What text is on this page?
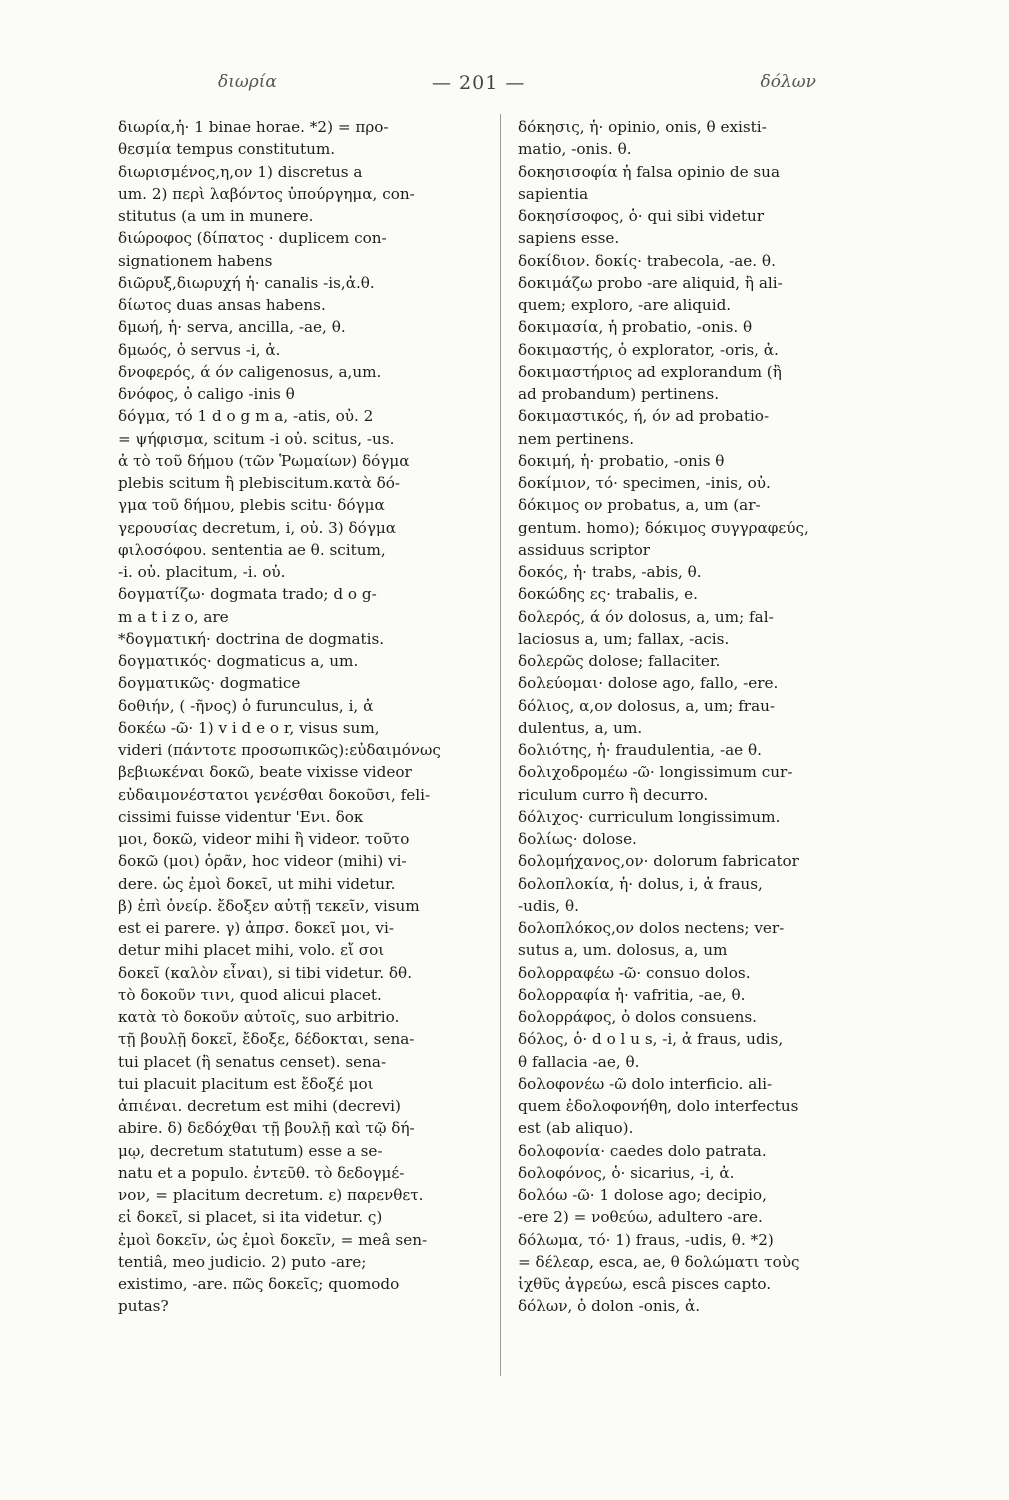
διωρία	— 201 —	δόλων
διωρία,ἡ· 1 binae horae. *2) = προ-
θεσμία tempus constitutum.
διωρισμένος,η,ον 1) discretus a
um. 2) περὶ λαβόντος ὑπούργημα, con-
stitutus (a um in munere.
διώροφος (δίπατος · duplicem con-
signationem habens
διῶρυξ,διωρυχή ἡ· canalis -is,ἀ.θ.
δίωτος duas ansas habens.
δμωή, ἡ· serva, ancilla, -ae, θ.
δμωός, ὁ servus -i, ἀ.
δνοφερός, ά όν caligenosus, a,um.
δνόφος, ὁ caligo -inis θ
δόγμα, τό 1 d o g m a, -atis, οὐ. 2
= ψήφισμα, scitum -i οὐ. scitus, -us.
ἀ τὸ τοῦ δήμου (τῶν Ῥωμαίων) δόγμα
plebis scitum ἢ plebiscitum.κατὰ δό-
γμα τοῦ δήμου, plebis scitu· δόγμα
γερουσίας decretum, i, οὐ. 3) δόγμα
φιλοσόφου. sententia ae θ. scitum,
-i. οὐ. placitum, -i. οὐ.
δογματίζω· dogmata trado; d o g-
m a t i z o, are
*δογματική· doctrina de dogmatis.
δογματικός· dogmaticus a, um.
δογματικῶς· dogmatice
δοθιήν, ( -ῆνος) ὁ furunculus, i, ἀ
δοκέω -ῶ· 1) v i d e o r, visus sum,
videri (πάντοτε προσωπικῶς):εὐδαιμόνως
βεβιωκέναι δοκῶ, beate vixisse videor
εὐδαιμονέστατοι γενέσθαι δοκοῦσι, feli-
cissimi fuisse videntur 'Ενι. δοκ
μοι, δοκῶ, videor mihi ἢ videor. τοῦτο
δοκῶ (μοι) ὁρᾶν, hoc videor (mihi) vi-
dere. ὡς ἐμοὶ δοκεῖ, ut mihi videtur.
β) ἐπὶ ὀνείρ. ἔδοξεν αὐτῇ τεκεῖν, visum
est ei parere. γ) ἀπρσ. δοκεῖ μοι, vi-
detur mihi placet mihi, volo. εἴ σοι
δοκεῖ (καλὸν εἶναι), si tibi videtur. δθ.
τὸ δοκοῦν τινι, quod alicui placet.
κατὰ τὸ δοκοῦν αὐτοῖς, suo arbitrio.
τῇ βουλῇ δοκεῖ, ἔδοξε, δέδοκται, sena-
tui placet (ἢ senatus censet). sena-
tui placuit placitum est ἔδοξέ μοι
ἀπιέναι. decretum est mihi (decrevi)
abire. δ) δεδόχθαι τῇ βουλῇ καὶ τῷ δή-
μῳ, decretum statutum) esse a se-
natu et a populo. ἐντεῦθ. τὸ δεδογμέ-
νον, = placitum decretum. ε) παρενθετ.
εἰ δοκεῖ, si placet, si ita videtur. ς)
ἐμοὶ δοκεῖν, ὡς ἐμοὶ δοκεῖν, = meâ sen-
tentiâ, meo judicio. 2) puto -are;
existimo, -are. πῶς δοκεῖς; quomodo
putas?
δόκησις, ἡ· opinio, onis, θ existi-
matio, -onis. θ.
δοκησισοφία ἡ falsa opinio de sua
sapientia
δοκησίσοφος, ὁ· qui sibi videtur
sapiens esse.
δοκίδιον. δοκίς· trabecola, -ae. θ.
δοκιμάζω probo -are aliquid, ἢ ali-
quem; exploro, -are aliquid.
δοκιμασία, ἡ probatio, -onis. θ
δοκιμαστής, ὁ explorator, -oris, ἀ.
δοκιμαστήριος ad explorandum (ἢ
ad probandum) pertinens.
δοκιμαστικός, ή, όν ad probatio-
nem pertinens.
δοκιμή, ἡ· probatio, -onis θ
δοκίμιον, τό· specimen, -inis, οὐ.
δόκιμος ον probatus, a, um (ar-
gentum. homo); δόκιμος συγγραφεύς,
assiduus scriptor
δοκός, ἡ· trabs, -abis, θ.
δοκώδης ες· trabalis, e.
δολερός, ά όν dolosus, a, um; fal-
laciosus a, um; fallax, -acis.
δολερῶς dolose; fallaciter.
δολεύομαι· dolose ago, fallo, -ere.
δόλιος, α,ον dolosus, a, um; frau-
dulentus, a, um.
δολιότης, ἡ· fraudulentia, -ae θ.
δολιχοδρομέω -ῶ· longissimum cur-
riculum curro ἢ decurro.
δόλιχος· curriculum longissimum.
δολίως· dolose.
δολομήχανος,ον· dolorum fabricator
δολοπλοκία, ἡ· dolus, i, ἀ fraus,
-udis, θ.
δολοπλόκος,ον dolos nectens; ver-
sutus a, um. dolosus, a, um
δολορραφέω -ῶ· consuo dolos.
δολορραφία ἡ· vafritia, -ae, θ.
δολορράφος, ὁ dolos consuens.
δόλος, ὁ· d o l u s, -i, ἀ fraus, udis,
θ fallacia -ae, θ.
δολοφονέω -ῶ dolo interficio. ali-
quem ἐδολοφονήθη, dolo interfectus
est (ab aliquo).
δολοφονία· caedes dolo patrata.
δολοφόνος, ὁ· sicarius, -i, ἀ.
δολόω -ῶ· 1 dolose ago; decipio,
-ere 2) = νοθεύω, adultero -are.
δόλωμα, τό· 1) fraus, -udis, θ. *2)
= δέλεαρ, esca, ae, θ δολώματι τοὺς
ἰχθῦς ἀγρεύω, escâ pisces capto.
δόλων, ὁ dolon -onis, ἀ.
